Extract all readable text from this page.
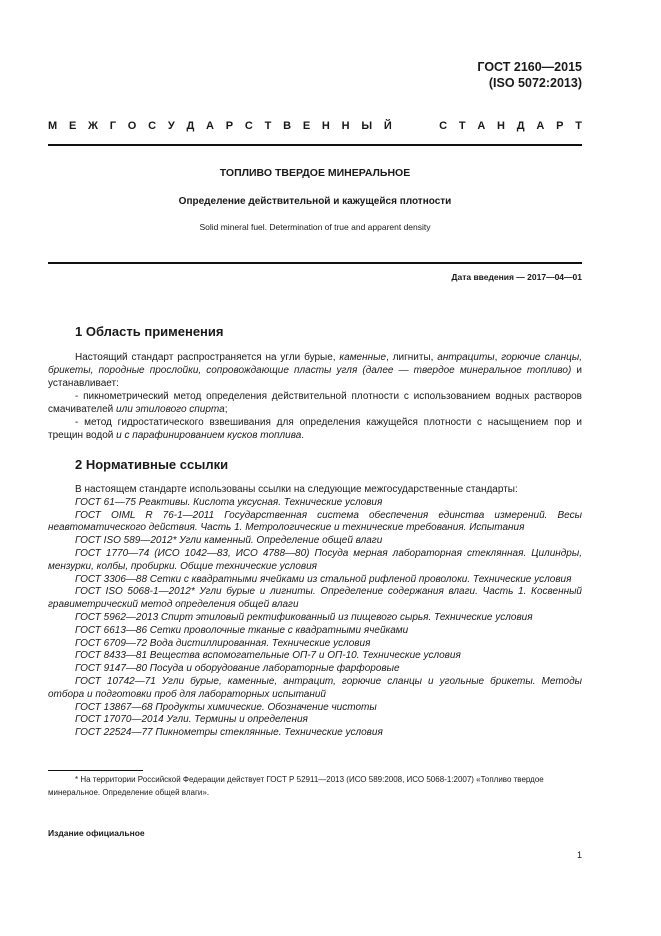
ГОСТ 2160—2015
(ISO 5072:2013)
М Е Ж Г О С У Д А Р С Т В Е Н Н Ы Й	С Т А Н Д А Р Т
ТОПЛИВО ТВЕРДОЕ МИНЕРАЛЬНОЕ
Определение действительной и кажущейся плотности
Solid mineral fuel. Determination of true and apparent density
Дата введения — 2017—04—01
1 Область применения
Настоящий стандарт распространяется на угли бурые, каменные, лигниты, антрациты, горючие сланцы, брикеты, породные прослойки, сопровождающие пласты угля (далее — твердое минеральное топливо) и устанавливает:
- пикнометрический метод определения действительной плотности с использованием водных растворов смачивателей или этилового спирта;
- метод гидростатического взвешивания для определения кажущейся плотности с насыщением пор и трещин водой и с парафинированием кусков топлива.
2 Нормативные ссылки

В настоящем стандарте использованы ссылки на следующие межгосударственные стандарты:

ГОСТ 61—75 Реактивы. Кислота уксусная. Технические условия

ГОСТ OIML R 76-1—2011 Государственная система обеспечения единства измерений. Весы неавтоматического действия. Часть 1. Метрологические и технические требования. Испытания

ГОСТ ISO 589—2012* Угли каменный. Определение общей влаги

ГОСТ 1770—74 (ИСО 1042—83, ИСО 4788—80) Посуда мерная лабораторная стеклянная. Цилиндры, мензурки, колбы, пробирки. Общие технические условия

ГОСТ 3306—88 Сетки с квадратными ячейками из стальной рифленой проволоки. Технические условия

ГОСТ ISO 5068-1—2012* Угли бурые и лигниты. Определение содержания влаги. Часть 1. Косвенный гравиметрический метод определения общей влаги

ГОСТ 5962—2013 Спирт этиловый ректификованный из пищевого сырья. Технические условия

ГОСТ 6613—86 Сетки проволочные тканые с квадратными ячейками

ГОСТ 6709—72 Вода дистиллированная. Технические условия

ГОСТ 8433—81 Вещества вспомогательные ОП-7 и ОП-10. Технические условия

ГОСТ 9147—80 Посуда и оборудование лабораторные фарфоровые

ГОСТ 10742—71 Угли бурые, каменные, антрацит, горючие сланцы и угольные брикеты. Методы отбора и подготовки проб для лабораторных испытаний

ГОСТ 13867—68 Продукты химические. Обозначение чистоты

ГОСТ 17070—2014 Угли. Термины и определения

ГОСТ 22524—77 Пикнометры стеклянные. Технические условия

* На территории Российской Федерации действует ГОСТ Р 52911—2013 (ИСО 589:2008, ИСО 5068-1:2007) «Топливо твердое минеральное. Определение общей влаги».
Издание официальное
1
